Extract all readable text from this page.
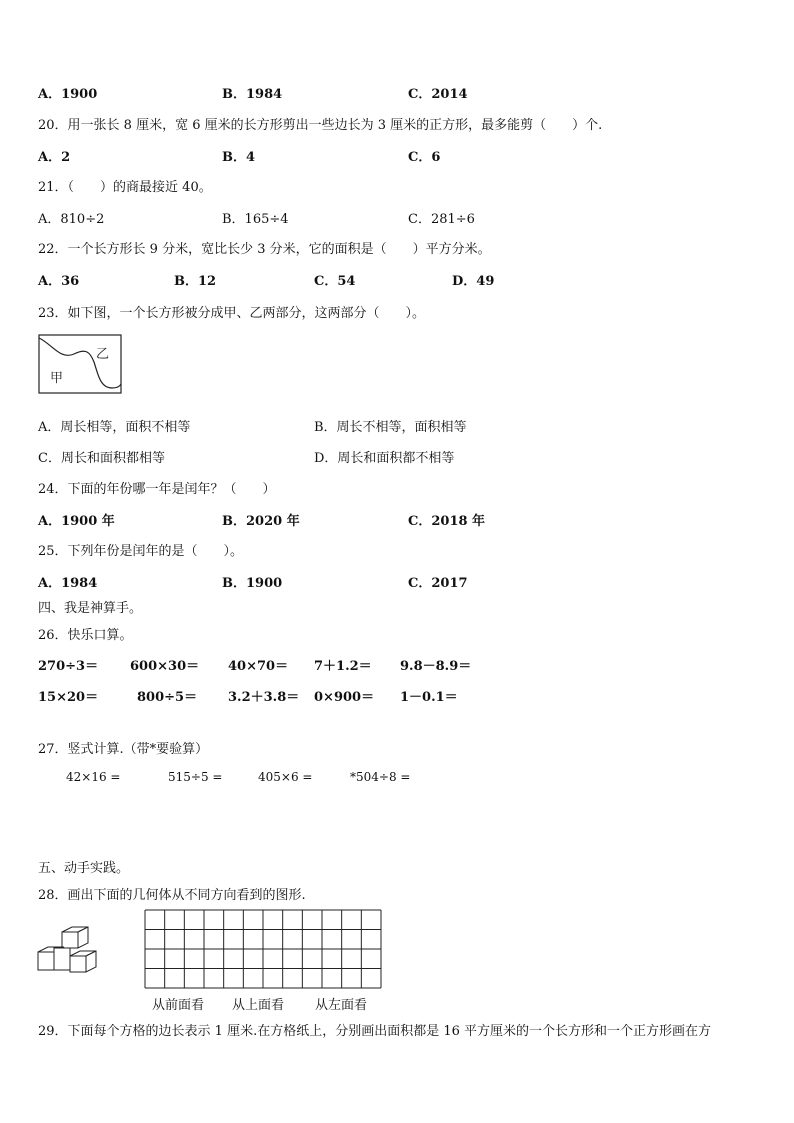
A．1900	B．1984	C．2014
20．用一张长 8 厘米，宽 6 厘米的长方形剪出一些边长为 3 厘米的正方形，最多能剪（　　）个.
A．2	B．4	C．6
21．（　　）的商最接近 40。
A．810÷2	B．165÷4	C．281÷6
22．一个长方形长 9 分米，宽比长少 3 分米，它的面积是（　　）平方分米。
A．36	B．12	C．54	D．49
23．如下图，一个长方形被分成甲、乙两部分，这两部分（　　）。
甲
乙
A．周长相等，面积不相等	B．周长不相等，面积相等
C．周长和面积都相等	D．周长和面积都不相等
24．下面的年份哪一年是闰年？（　　）
A．1900 年	B．2020 年	C．2018 年
25．下列年份是闰年的是（　　）。
A．1984	B．1900	C．2017
四、我是神算手。
26．快乐口算。
270÷3＝ 600×30＝ 40×70＝ 7＋1.2＝ 9.8－8.9＝
15×20＝	800÷5＝ 3.2＋3.8＝ 0×900＝ 1－0.1＝
27．竖式计算.（带*要验算）
42×16 =	515÷5 =	405×6 =	*504÷8 =
五、动手实践。
28．画出下面的几何体从不同方向看到的图形.
从前面看 从上面看 从左面看
29．下面每个方格的边长表示 1 厘米.在方格纸上，分别画出面积都是 16 平方厘米的一个长方形和一个正方形画在方
